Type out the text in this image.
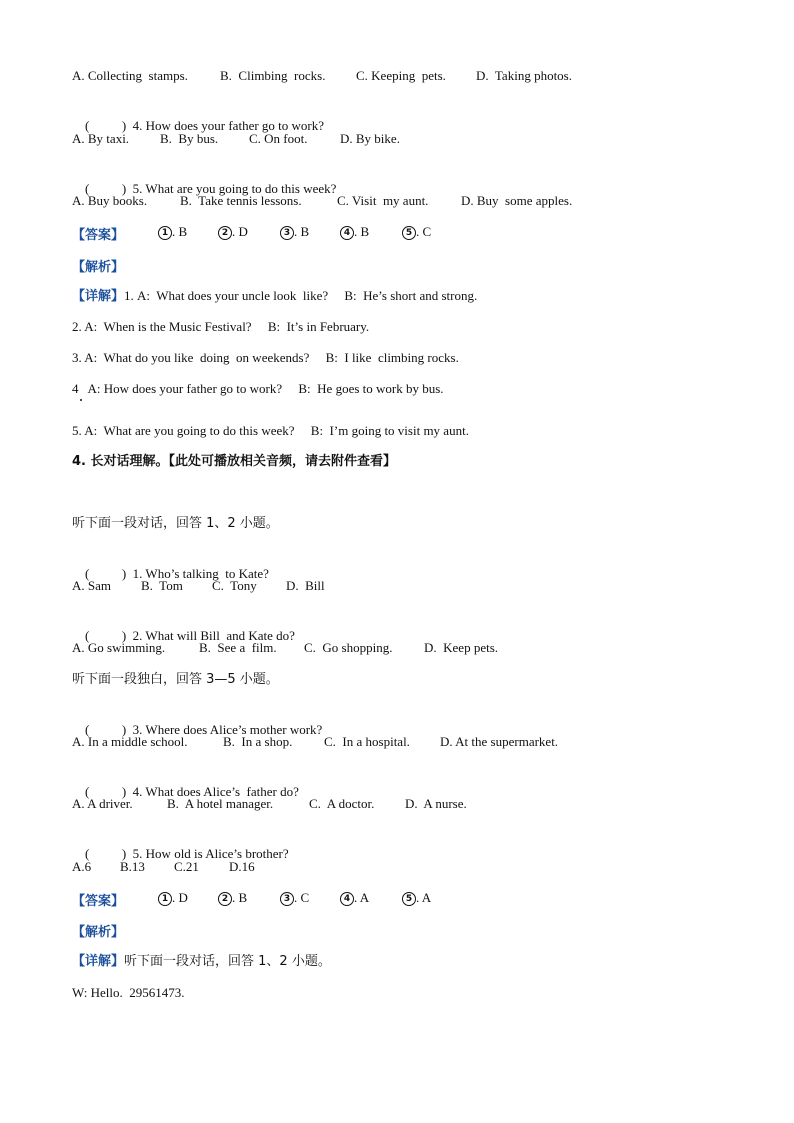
A. Collecting  stamps. B.  Climbing  rocks. C. Keeping  pets. D.  Taking photos.

(          ) 4. How does your father go to work?

A. By taxi. B.  By bus. C. On foot.	D. By bike.

(          ) 5. What are you going to do this week?

A. Buy books.	B.  Take tennis lessons.	C. Visit  my aunt.	D. Buy  some apples.
【答案】	1 . B	2 . D	3 . B	4 . B	5 . C
【解析】
【详解】1. A:  What does your uncle look  like?     B:  He’s short and strong.
2. A:  When is the Music Festival?     B:  It’s in February.
3. A:  What do you like  doing  on weekends?     B:  I like  climbing rocks.
4   A: How does your father go to work?     B:  He goes to work by bus.
5. A:  What are you going to do this week?     B:  I’m going to visit my aunt.
4. 长对话理解。【此处可播放相关音频，请去附件查看】
听下面一段对话，回答 1、2 小题。

(          ) 1. Who’s talking  to Kate?

A. Sam B.  Tom C.  Tony D.  Bill

(          ) 2. What will Bill  and Kate do?

A. Go swimming.	B.  See a  film. C.  Go shopping. D.  Keep pets.
听下面一段独白，回答 3—5 小题。

(          ) 3. Where does Alice’s mother work?

A. In a middle school.	B.  In a shop. C.  In a hospital. D. At the supermarket.

(          ) 4. What does Alice’s  father do?

A. A driver.	B.  A hotel manager.	C.  A doctor. D.  A nurse.

(          ) 5. How old is Alice’s brother?

A.6 B.13 C.21 D.16
【答案】	1 . D	2 . B	3 . C	4 . A	5 . A
【解析】
【详解】听下面一段对话，回答 1、2 小题。
W: Hello.  29561473.
